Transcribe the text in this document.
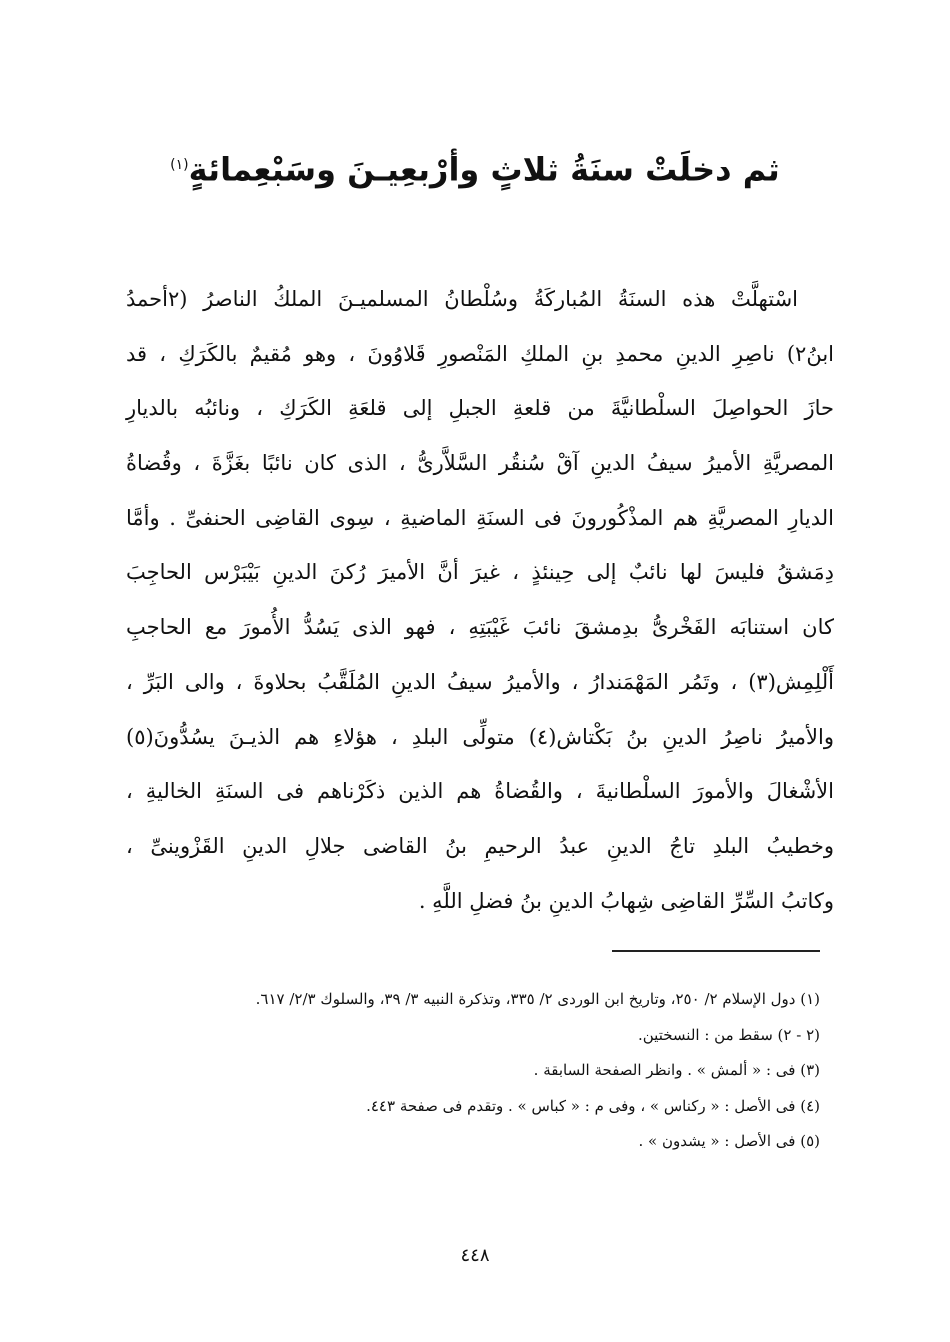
ثم دخلَتْ سنَةُ ثلاثٍ وأرْبعِيـنَ وسَبْعِمائةٍ$^{(١)}$
اسْتهلَّتْ هذه السنَةُ المُباركَةُ وسُلْطانُ المسلميـنَ الملكُ الناصرُ (٢أحمدُ
ابنُ٢) ناصِرِ الدينِ محمدِ بنِ الملكِ المَنْصورِ قَلاوُونَ ، وهو مُقيمٌ بالكَرَكِ ، قد
حازَ الحواصِلَ السلْطانيَّةَ من قلعةِ الجبلِ إلى قلعَةِ الكَرَكِ ، ونائبُه بالديارِ
المصريَّةِ الأميرُ سيفُ الدينِ آقْ سُنقُر السَّلاَّرىُّ ، الذى كان نائبًا بغَزَّةَ ، وقُضاةُ
الديارِ المصريَّةِ هم المذْكُورونَ فى السنَةِ الماضيةِ ، سِوى القاضِى الحنفىِّ . وأمَّا
دِمَشقُ فليسَ لها نائبٌ إلى حِينئذٍ ، غيرَ أنَّ الأميرَ رُكنَ الدينِ بَيْبَرْس الحاجِبَ
كان استنابَه الفَخْرىُّ بدِمشقَ نائبَ غَيْبَتِهِ ، فهو الذى يَسُدُّ الأُمورَ مع الحاجبِ
أَلْلِمِش(٣) ، وتَمُر المَهْمَندارُ ، والأميرُ سيفُ الدينِ المُلَقَّبُ بحلاوةَ ، والى البَرِّ ،
والأميرُ ناصِرُ الدينِ بنُ بَكْتاش(٤) متولِّى البلدِ ، هؤلاءِ هم الذيـنَ يسُدُّونَ(٥)
الأشْغالَ والأمورَ السلْطانيةَ ، والقُضاةُ هم الذين ذكَرْناهم فى السنَةِ الخاليةِ ،
وخطيبُ البلدِ تاجُ الدينِ عبدُ الرحيمِ بنُ القاضى جلالِ الدينِ القَزْوينىِّ ،
وكاتبُ السِّرِّ القاضِى شِهابُ الدينِ بنُ فضلِ اللَّهِ .
(١) دول الإسلام ٢/ ٢٥٠، وتاريخ ابن الوردى ٢/ ٣٣٥، وتذكرة النبيه ٣/ ٣٩، والسلوك ٢/٣/ ٦١٧.
(٢ - ٢) سقط من : النسختين.
(٣) فى : « ألمش » . وانظر الصفحة السابقة .
(٤) فى الأصل : « ركناس » ، وفى م : « كباس » . وتقدم فى صفحة ٤٤٣.
(٥) فى الأصل : « يشدون » .
٤٤٨
